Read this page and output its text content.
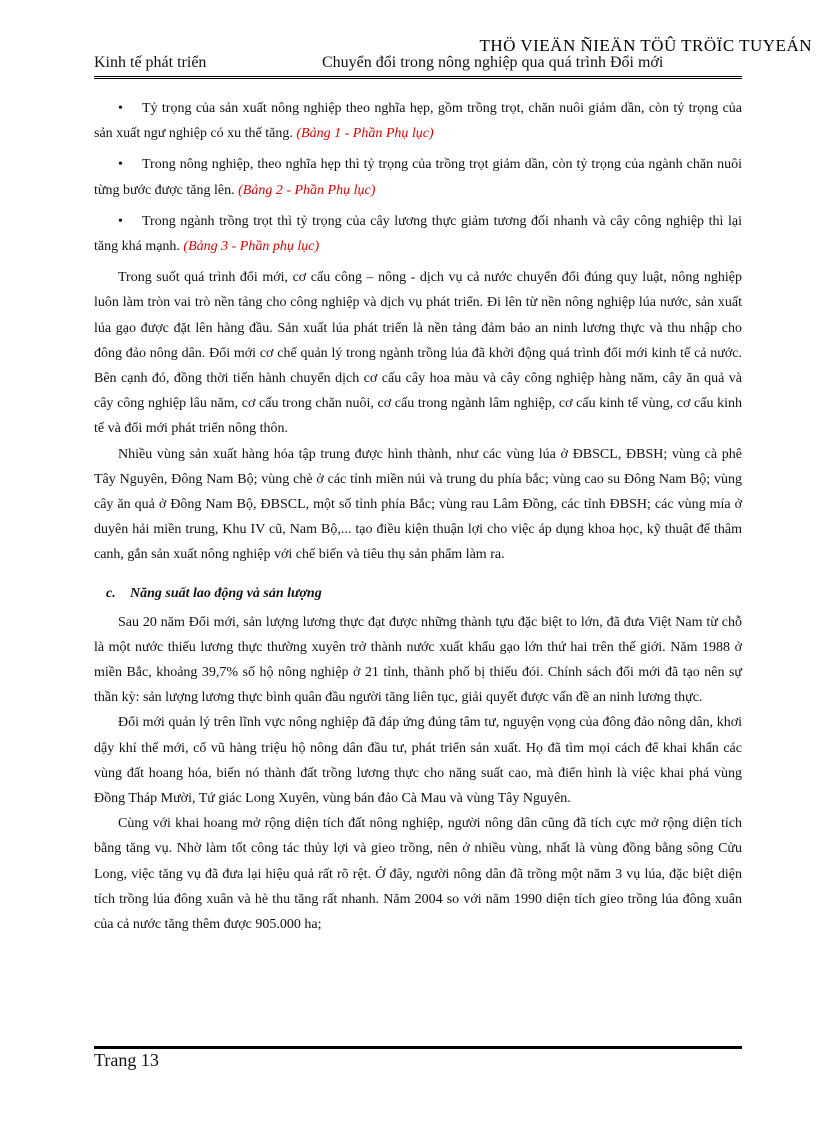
THÖ VIEÄN ÑIEÄN TÖÛ TRÖÏC TUYEÁN
Kinh tế phát triển	Chuyển đổi trong nông nghiệp qua quá trình Đổi mới

• Tỷ trọng của sản xuất nông nghiệp theo nghĩa hẹp, gồm trồng trọt, chăn nuôi giảm dần, còn tỷ trọng của sản xuất ngư nghiệp có xu thế tăng. (Bảng 1 - Phần Phụ lục)

• Trong nông nghiệp, theo nghĩa hẹp thì tỷ trọng của trồng trọt giảm dần, còn tỷ trọng của ngành chăn nuôi từng bước được tăng lên. (Bảng 2 - Phần Phụ lục)

• Trong ngành trồng trọt thì tỷ trọng của cây lương thực giảm tương đối nhanh và cây công nghiệp thì lại tăng khá mạnh. (Bảng 3 - Phần phụ lục)

Trong suốt quá trình đổi mới, cơ cấu công – nông - dịch vụ cả nước chuyển đổi đúng quy luật, nông nghiệp luôn làm tròn vai trò nền tảng cho công nghiệp và dịch vụ phát triển. Đi lên từ nền nông nghiệp lúa nước, sản xuất lúa gạo được đặt lên hàng đầu. Sản xuất lúa phát triển là nền tảng đảm bảo an ninh lương thực và thu nhập cho đông đảo nông dân. Đổi mới cơ chế quản lý trong ngành trồng lúa đã khởi động quá trình đổi mới kinh tế cả nước. Bên cạnh đó, đồng thời tiến hành chuyển dịch cơ cấu cây hoa màu và cây công nghiệp hàng năm, cây ăn quả và cây công nghiệp lâu năm, cơ cấu trong chăn nuôi, cơ cấu trong ngành lâm nghiệp, cơ cấu kinh tế vùng, cơ cấu kinh tế và đổi mới phát triển nông thôn.

Nhiều vùng sản xuất hàng hóa tập trung được hình thành, như các vùng lúa ở ĐBSCL, ĐBSH; vùng cà phê Tây Nguyên, Đông Nam Bộ; vùng chè ở các tỉnh miền núi và trung du phía bắc; vùng cao su Đông Nam Bộ; vùng cây ăn quả ở Đông Nam Bộ, ĐBSCL, một số tỉnh phía Bắc; vùng rau Lâm Đồng, các tỉnh ĐBSH; các vùng mía ở duyên hải miền trung, Khu IV cũ, Nam Bộ,... tạo điều kiện thuận lợi cho việc áp dụng khoa học, kỹ thuật để thâm canh, gắn sản xuất nông nghiệp với chế biến và tiêu thụ sản phẩm làm ra.

c. Năng suất lao động và sản lượng

Sau 20 năm Đổi mới, sản lượng lương thực đạt được những thành tựu đặc biệt to lớn, đã đưa Việt Nam từ chỗ là một nước thiếu lương thực thường xuyên trở thành nước xuất khẩu gạo lớn thứ hai trên thế giới. Năm 1988 ở miền Bắc, khoảng 39,7% số hộ nông nghiệp ở 21 tỉnh, thành phố bị thiếu đói. Chính sách đổi mới đã tạo nên sự thần kỳ: sản lượng lương thực bình quân đầu người tăng liên tục, giải quyết được vấn đề an ninh lương thực.

Đổi mới quản lý trên lĩnh vực nông nghiệp đã đáp ứng đúng tâm tư, nguyện vọng của đông đảo nông dân, khơi dậy khí thế mới, cổ vũ hàng triệu hộ nông dân đầu tư, phát triển sản xuất. Họ đã tìm mọi cách để khai khẩn các vùng đất hoang hóa, biến nó thành đất trồng lương thực cho năng suất cao, mà điển hình là việc khai phá vùng Đồng Tháp Mười, Tứ giác Long Xuyên, vùng bán đảo Cà Mau và vùng Tây Nguyên.

Cùng với khai hoang mở rộng diện tích đất nông nghiệp, người nông dân cũng đã tích cực mở rộng diện tích bằng tăng vụ. Nhờ làm tốt công tác thủy lợi và gieo trồng, nên ở nhiều vùng, nhất là vùng đồng bằng sông Cửu Long, việc tăng vụ đã đưa lại hiệu quả rất rõ rệt. Ở đây, người nông dân đã trồng một năm 3 vụ lúa, đặc biệt diện tích trồng lúa đông xuân và hè thu tăng rất nhanh. Năm 2004 so với năm 1990 diện tích gieo trồng lúa đông xuân của cả nước tăng thêm được 905.000 ha;

Trang 13
